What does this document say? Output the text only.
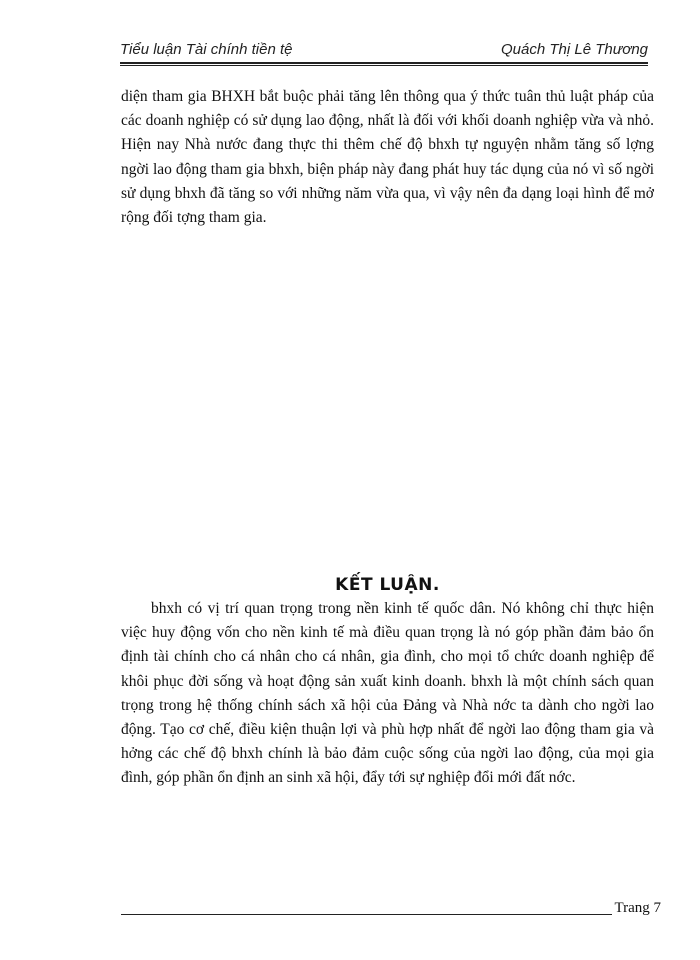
Tiểu luận Tài chính tiền tệ	Quách Thị Lê Thương

diện tham gia BHXH bắt buộc phải tăng lên thông qua ý thức tuân thủ luật pháp của các doanh nghiệp có sử dụng lao động, nhất là đối với khối doanh nghiệp vừa và nhỏ. Hiện nay Nhà nước đang thực thi thêm chế độ bhxh tự nguyện nhằm tăng số lợng ngời lao động tham gia bhxh, biện pháp này đang phát huy tác dụng của nó vì số ngời sử dụng bhxh đã tăng so với những năm vừa qua, vì vậy nên đa dạng loại hình để mở rộng đối tợng tham gia.

KẾT LUẬN.

bhxh có vị trí quan trọng trong nền kinh tế quốc dân. Nó không chỉ thực hiện việc huy động vốn cho nền kinh tế mà điều quan trọng là nó góp phần đảm bảo ổn định tài chính cho cá nhân cho cá nhân, gia đình, cho mọi tổ chức doanh nghiệp để khôi phục đời sống và hoạt động sản xuất kinh doanh. bhxh là một chính sách quan trọng trong hệ thống chính sách xã hội của Đảng và Nhà nớc ta dành cho ngời lao động. Tạo cơ chế, điều kiện thuận lợi và phù hợp nhất để ngời lao động tham gia và hởng các chế độ bhxh chính là bảo đảm cuộc sống của ngời lao động, của mọi gia đình, góp phần ổn định an sinh xã hội, đẩy tới sự nghiệp đổi mới đất nớc.

Trang 7
